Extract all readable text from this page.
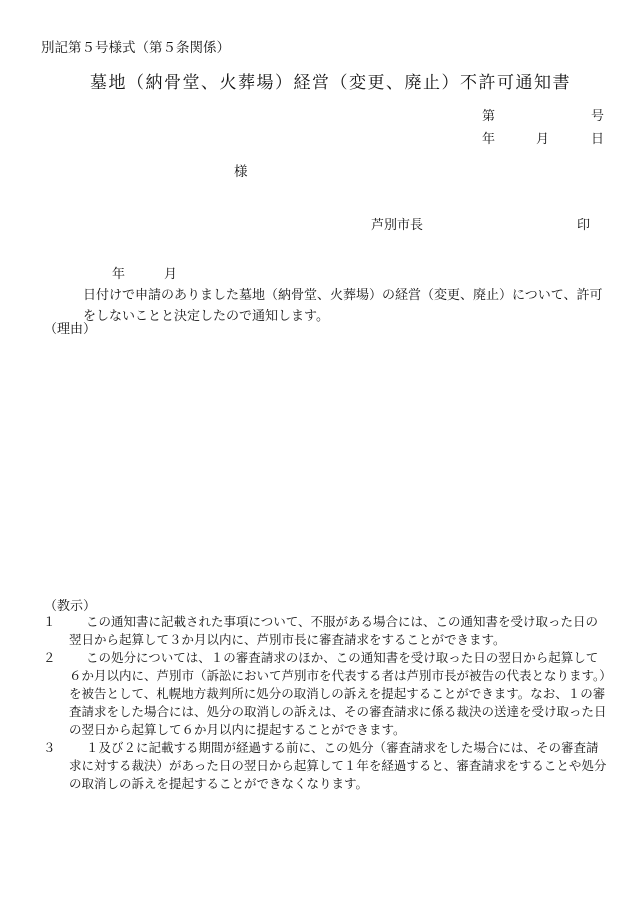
別記第５号様式（第５条関係）
墓地（納骨堂、火葬場）経営（変更、廃止）不許可通知書
第	号
年	月	日
様
芦別市長	印
年	月日付けで申請のありました墓地（納骨堂、火葬場）の経営（変更、廃止）について、許可をしないことと決定したので通知します。
（理由）
（教示）
１ この通知書に記載された事項について、不服がある場合には、この通知書を受け取った日の翌日から起算して３か月以内に、芦別市長に審査請求をすることができます。
２ この処分については、１の審査請求のほか、この通知書を受け取った日の翌日から起算して６か月以内に、芦別市（訴訟において芦別市を代表する者は芦別市長が被告の代表となります。）を被告として、札幌地方裁判所に処分の取消しの訴えを提起することができます。なお、１の審査請求をした場合には、処分の取消しの訴えは、その審査請求に係る裁決の送達を受け取った日の翌日から起算して６か月以内に提起することができます。
３ １及び２に記載する期間が経過する前に、この処分（審査請求をした場合には、その審査請求に対する裁決）があった日の翌日から起算して１年を経過すると、審査請求をすることや処分の取消しの訴えを提起することができなくなります。
